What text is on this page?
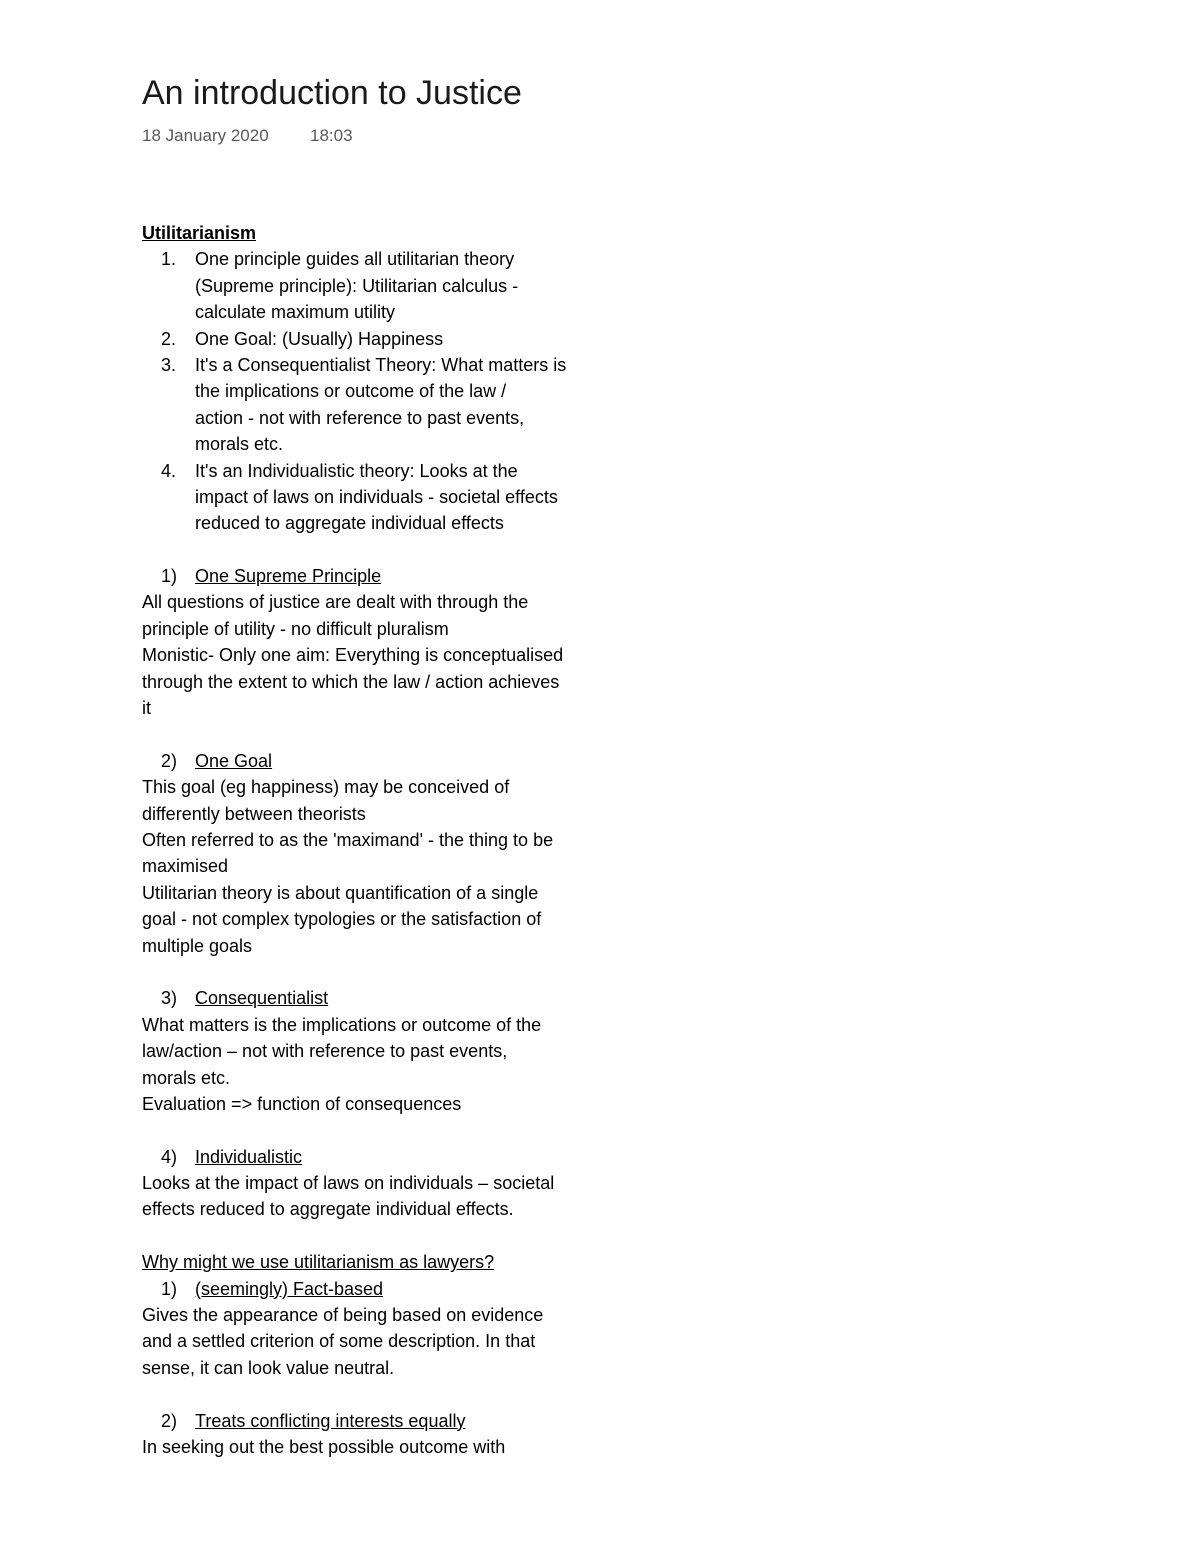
An introduction to Justice
18 January 2020 18:03
Utilitarianism
1. One principle guides all utilitarian theory
(Supreme principle): Utilitarian calculus -
calculate maximum utility
2. One Goal: (Usually) Happiness
3. It's a Consequentialist Theory: What matters is
the implications or outcome of the law /
action - not with reference to past events,
morals etc.
4. It's an Individualistic theory: Looks at the
impact of laws on individuals - societal effects
reduced to aggregate individual effects
1) One Supreme Principle
All questions of justice are dealt with through the
principle of utility - no difficult pluralism
Monistic- Only one aim: Everything is conceptualised
through the extent to which the law / action achieves
it
2) One Goal
This goal (eg happiness) may be conceived of
differently between theorists
Often referred to as the 'maximand' - the thing to be
maximised
Utilitarian theory is about quantification of a single
goal - not complex typologies or the satisfaction of
multiple goals
3) Consequentialist
What matters is the implications or outcome of the
law/action – not with reference to past events,
morals etc.
Evaluation => function of consequences
4) Individualistic
Looks at the impact of laws on individuals – societal
effects reduced to aggregate individual effects.
Why might we use utilitarianism as lawyers?
1) (seemingly) Fact-based
Gives the appearance of being based on evidence
and a settled criterion of some description. In that
sense, it can look value neutral.
2) Treats conflicting interests equally
In seeking out the best possible outcome with
